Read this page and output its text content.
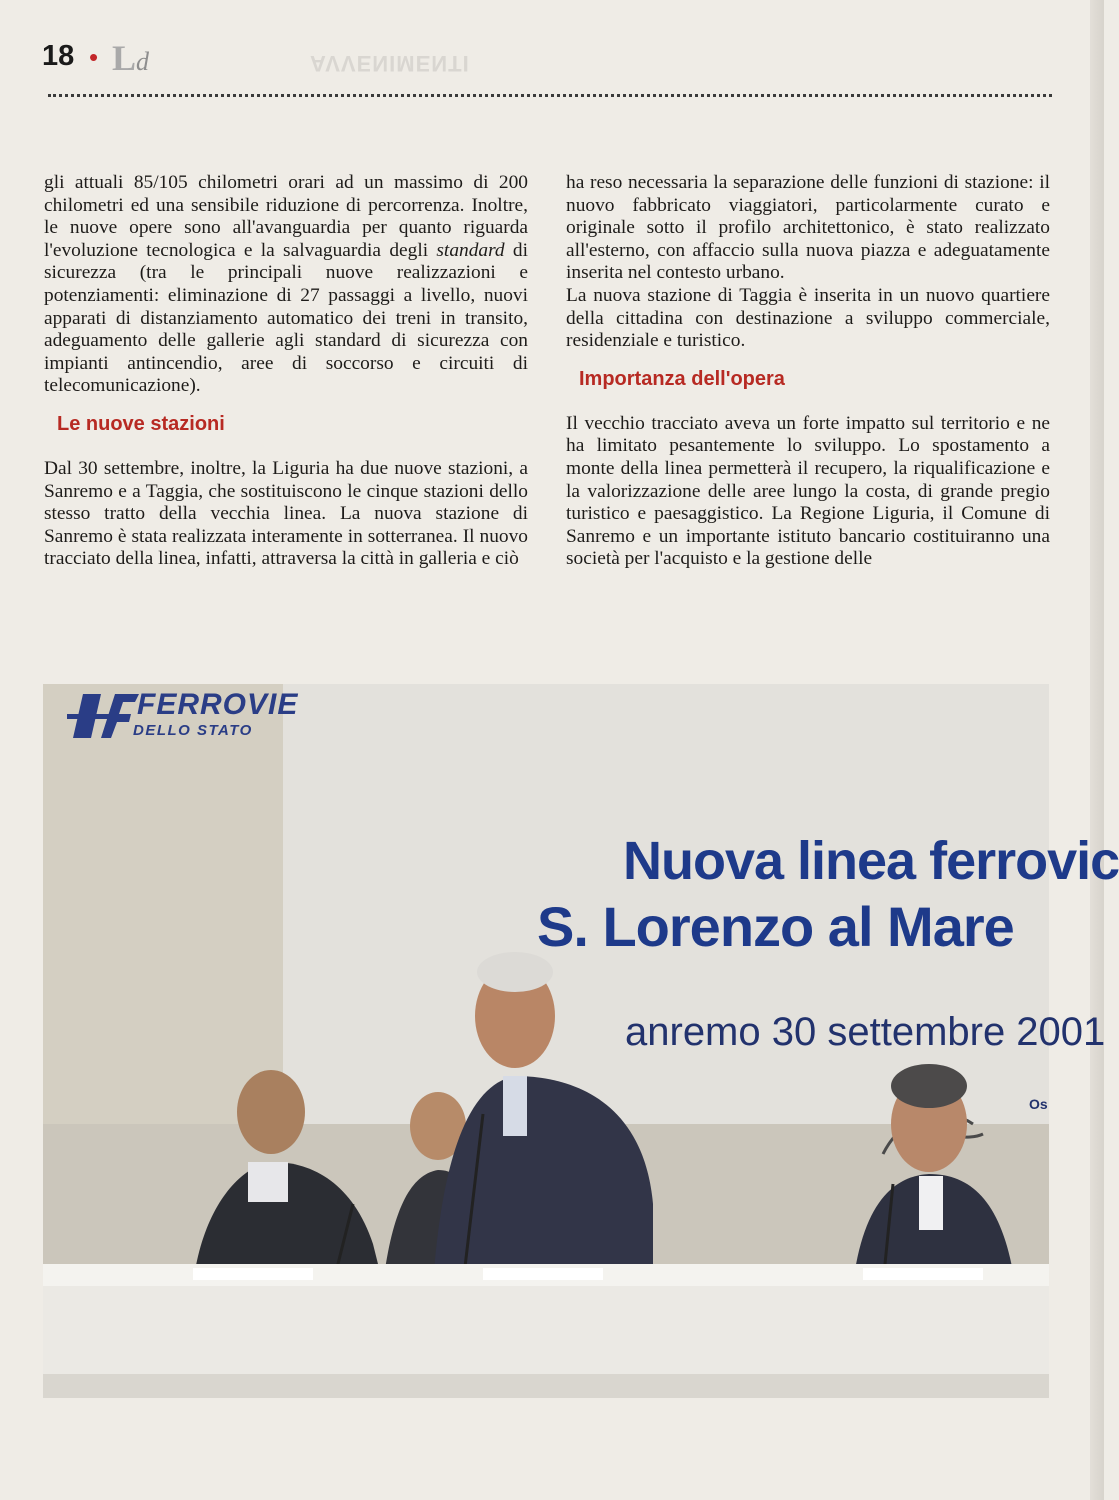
18 • Ld	AVVENIMENTI

gli attuali 85/105 chilometri orari ad un massimo di 200 chilometri ed una sensibile riduzione di percorrenza. Inoltre, le nuove opere sono all'avanguardia per quanto riguarda l'evoluzione tecnologica e la salvaguardia degli standard di sicurezza (tra le principali nuove realizzazioni e potenziamenti: eliminazione di 27 passaggi a livello, nuovi apparati di distanziamento automatico dei treni in transito, adeguamento delle gallerie agli standard di sicurezza con impianti antincendio, aree di soccorso e circuiti di telecomunicazione).

Le nuove stazioni

Dal 30 settembre, inoltre, la Liguria ha due nuove stazioni, a Sanremo e a Taggia, che sostituiscono le cinque stazioni dello stesso tratto della vecchia linea. La nuova stazione di Sanremo è stata realizzata interamente in sotterranea. Il nuovo tracciato della linea, infatti, attraversa la città in galleria e ciò

ha reso necessaria la separazione delle funzioni di stazione: il nuovo fabbricato viaggiatori, particolarmente curato e originale sotto il profilo architettonico, è stato realizzato all'esterno, con affaccio sulla nuova piazza e adeguatamente inserita nel contesto urbano.

La nuova stazione di Taggia è inserita in un nuovo quartiere della cittadina con destinazione a sviluppo commerciale, residenziale e turistico.

Importanza dell'opera

Il vecchio tracciato aveva un forte impatto sul territorio e ne ha limitato pesantemente lo sviluppo. Lo spostamento a monte della linea permetterà il recupero, la riqualificazione e la valorizzazione delle aree lungo la costa, di grande pregio turistico e paesaggistico. La Regione Liguria, il Comune di Sanremo e un importante istituto bancario costituiranno una società per l'acquisto e la gestione delle

FERROVIE
DELLO STATO
Nuova linea ferrovic
S. Lorenzo al Mare
anremo 30 settembre 2001
Os
